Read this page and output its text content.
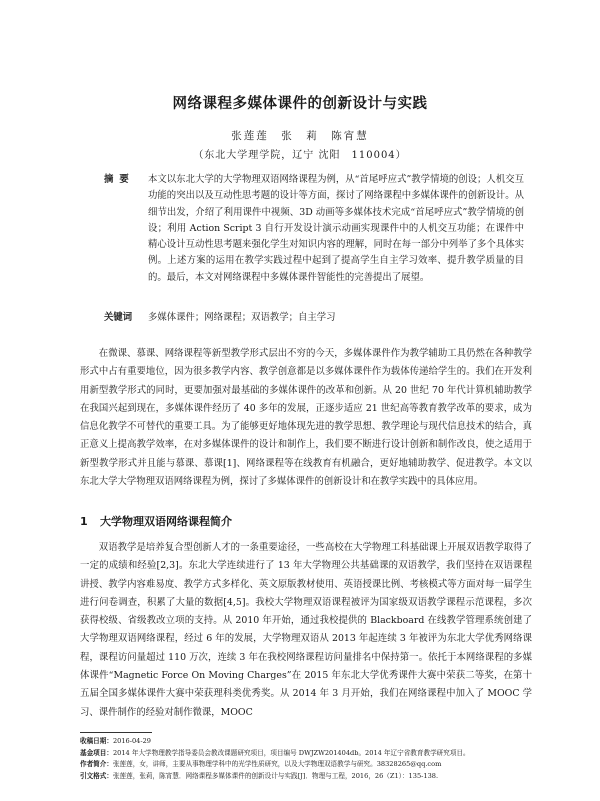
网络课程多媒体课件的创新设计与实践
张莲莲　张　莉　陈宵慧
（东北大学理学院，辽宁 沈阳　110004）
摘要 本文以东北大学的大学物理双语网络课程为例，从“首尾呼应式”教学情境的创设；人机交互功能的突出以及互动性思考题的设计等方面，探讨了网络课程中多媒体课件的创新设计。从细节出发，介绍了利用课件中视频、3D 动画等多媒体技术完成“首尾呼应式”教学情境的创设；利用 Action Script 3 自行开发设计演示动画实现课件中的人机交互功能；在课件中精心设计互动性思考题来强化学生对知识内容的理解，同时在每一部分中列举了多个具体实例。上述方案的运用在教学实践过程中起到了提高学生自主学习效率、提升教学质量的目的。最后，本文对网络课程中多媒体课件智能性的完善提出了展望。
关键词 多媒体课件；网络课程；双语教学；自主学习
在微课、慕课、网络课程等新型教学形式层出不穷的今天，多媒体课件作为教学辅助工具仍然在各种教学形式中占有重要地位，因为很多教学内容、教学创意都是以多媒体课件作为载体传递给学生的。我们在开发利用新型教学形式的同时，更要加强对最基础的多媒体课件的改革和创新。从 20 世纪 70 年代计算机辅助教学在我国兴起到现在，多媒体课件经历了 40 多年的发展，正逐步适应 21 世纪高等教育教学改革的要求，成为信息化教学不可替代的重要工具。为了能够更好地体现先进的教学思想、教学理论与现代信息技术的结合，真正意义上提高教学效率，在对多媒体课件的设计和制作上，我们要不断进行设计创新和制作改良，使之适用于新型教学形式并且能与慕课、慕课[1]、网络课程等在线教育有机融合，更好地辅助教学、促进教学。本文以东北大学大学物理双语网络课程为例，探讨了多媒体课件的创新设计和在教学实践中的具体应用。
1 大学物理双语网络课程简介
双语教学是培养复合型创新人才的一条重要途径，一些高校在大学物理工科基础课上开展双语教学取得了一定的成绩和经验[2,3]。东北大学连续进行了 13 年大学物理公共基础课的双语教学，我们坚持在双语课程讲授、教学内容难易度、教学方式多样化、英文原版教材使用、英语授课比例、考核模式等方面对每一届学生进行问卷调查，积累了大量的数据[4,5]。我校大学物理双语课程被评为国家级双语教学课程示范课程，多次获得校级、省级教改立项的支持。从 2010 年开始，通过我校提供的 Blackboard 在线教学管理系统创建了大学物理双语网络课程，经过 6 年的发展，大学物理双语从 2013 年起连续 3 年被评为东北大学优秀网络课程，课程访问量超过 110 万次，连续 3 年在我校网络课程访问量排名中保持第一。依托于本网络课程的多媒体课件“Magnetic Force On Moving Charges”在 2015 年东北大学优秀课件大赛中荣获二等奖，在第十五届全国多媒体课件大赛中荣获理科类优秀奖。从 2014 年 3 月开始，我们在网络课程中加入了 MOOC 学习、课件制作的经验对制作微课，MOOC
收稿日期：2016-04-29
基金项目：2014 年大学物理教学指导委员会教改课题研究项目，项目编号 DWJZW201404db。2014 年辽宁省教育教学研究项目。
作者简介：张莲莲，女，讲师，主要从事物理学科中的光学性质研究，以及大学物理双语教学与研究。38328265@qq.com
引文格式：张莲莲，张莉，陈宵慧．网络课程多媒体课件的创新设计与实践[J]．物理与工程，2016，26（Z1）：135-138.
